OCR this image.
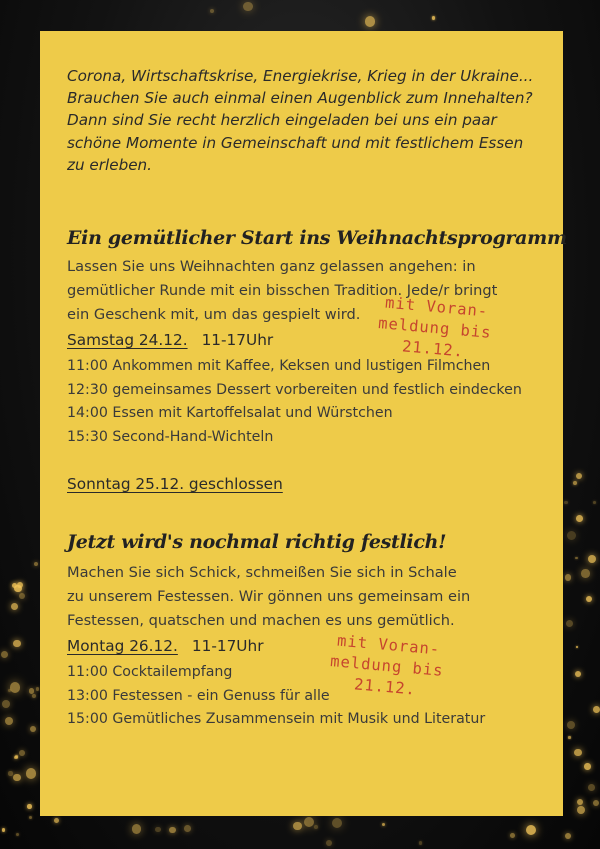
Corona, Wirtschaftskrise, Energiekrise, Krieg in der Ukraine...
Brauchen Sie auch einmal einen Augenblick zum Innehalten?
Dann sind Sie recht herzlich eingeladen bei uns ein paar
schöne Momente in Gemeinschaft und mit festlichem Essen
zu erleben.
Ein gemütlicher Start ins Weihnachtsprogramm
Lassen Sie uns Weihnachten ganz gelassen angehen: in
gemütlicher Runde mit ein bisschen Tradition. Jede/r bringt
ein Geschenk mit, um das gespielt wird.	mit Voran-
meldung bis
21.12.
Samstag 24.12. 11-17Uhr
11:00 Ankommen mit Kaffee, Keksen und lustigen Filmchen
12:30 gemeinsames Dessert vorbereiten und festlich eindecken
14:00 Essen mit Kartoffelsalat und Würstchen
15:30 Second-Hand-Wichteln
Sonntag 25.12. geschlossen
Jetzt wird's nochmal richtig festlich!
Machen Sie sich Schick, schmeißen Sie sich in Schale
zu unserem Festessen. Wir gönnen uns gemeinsam ein
Festessen, quatschen und machen es uns gemütlich.
mit Voran-
meldung bis
21.12.
Montag 26.12. 11-17Uhr
11:00 Cocktailempfang
13:00 Festessen - ein Genuss für alle
15:00 Gemütliches Zusammensein mit Musik und Literatur
